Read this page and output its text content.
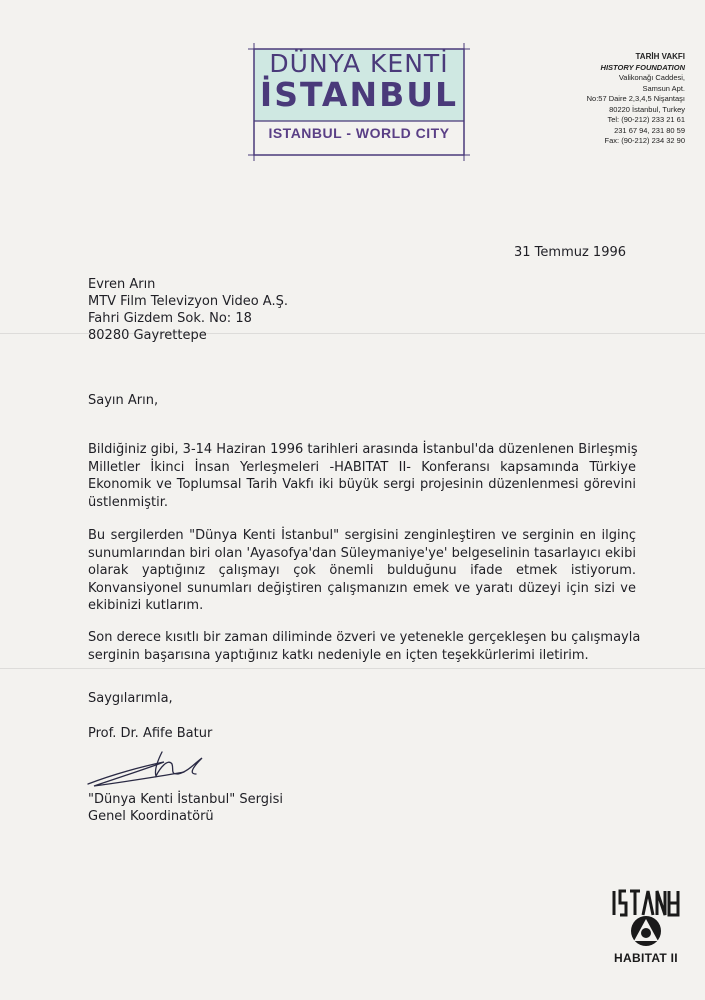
DÜNYA KENTİ
İSTANBUL
ISTANBUL - WORLD CITY
TARİH VAKFI
HISTORY FOUNDATION
Valikonağı Caddesi,
Samsun Apt.
No:57 Daire 2,3,4,5 Nişantaşı
80220 İstanbul, Turkey
Tel: (90-212) 233 21 61
231 67 94, 231 80 59
Fax: (90-212) 234 32 90
31 Temmuz 1996
Evren Arın
MTV Film Televizyon Video A.Ş.
Fahri Gizdem Sok. No: 18
80280 Gayrettepe
Sayın Arın,
Bildiğiniz gibi, 3-14 Haziran 1996 tarihleri arasında İstanbul'da düzenlenen Birleşmiş
Milletler İkinci İnsan Yerleşmeleri -HABITAT II- Konferansı kapsamında Türkiye
Ekonomik ve Toplumsal Tarih Vakfı iki büyük sergi projesinin düzenlenmesi görevini
üstlenmiştir.
Bu sergilerden "Dünya Kenti İstanbul" sergisini zenginleştiren ve serginin en ilginç
sunumlarından biri olan 'Ayasofya'dan Süleymaniye'ye' belgeselinin tasarlayıcı ekibi
olarak yaptığınız çalışmayı çok önemli bulduğunu ifade etmek istiyorum.
Konvansiyonel sunumları değiştiren çalışmanızın emek ve yaratı düzeyi için sizi ve
ekibinizi kutlarım.
Son derece kısıtlı bir zaman diliminde özveri ve yetenekle gerçekleşen bu çalışmayla
serginin başarısına yaptığınız katkı nedeniyle en içten teşekkürlerimi iletirim.
Saygılarımla,
Prof. Dr. Afife Batur
"Dünya Kenti İstanbul" Sergisi
Genel Koordinatörü
HABITAT II
